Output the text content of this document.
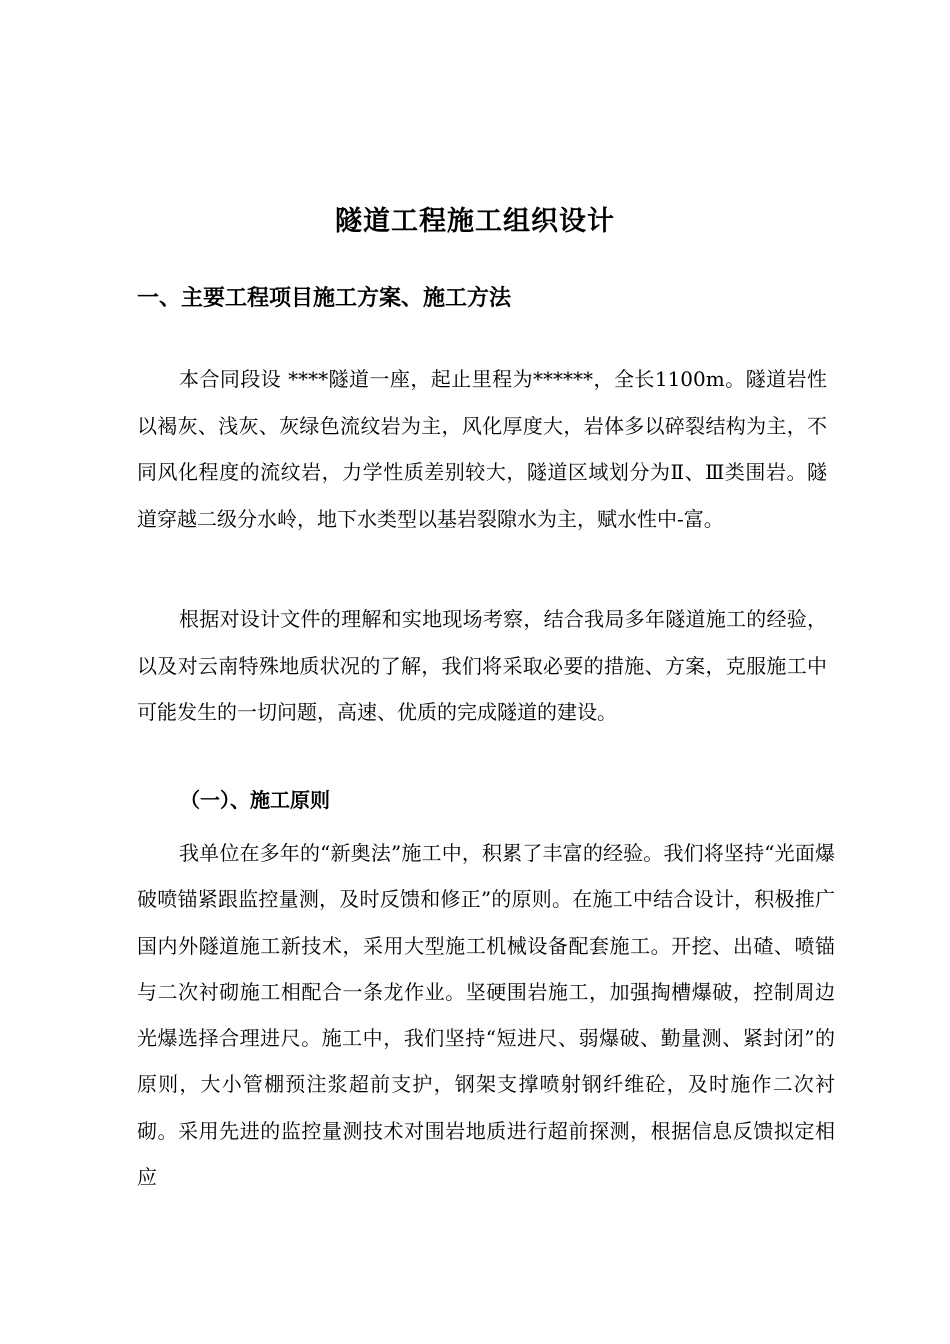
隧道工程施工组织设计
一、主要工程项目施工方案、施工方法

本合同段设 ****隧道一座，起止里程为******，全长1100m。隧道岩性以褐灰、浅灰、灰绿色流纹岩为主，风化厚度大，岩体多以碎裂结构为主，不同风化程度的流纹岩，力学性质差别较大，隧道区域划分为Ⅱ、Ⅲ类围岩。隧道穿越二级分水岭，地下水类型以基岩裂隙水为主，赋水性中-富。

根据对设计文件的理解和实地现场考察，结合我局多年隧道施工的经验，以及对云南特殊地质状况的了解，我们将采取必要的措施、方案，克服施工中可能发生的一切问题，高速、优质的完成隧道的建设。

（一）、施工原则

我单位在多年的“新奥法”施工中，积累了丰富的经验。我们将坚持“光面爆破喷锚紧跟监控量测，及时反馈和修正”的原则。在施工中结合设计，积极推广国内外隧道施工新技术，采用大型施工机械设备配套施工。开挖、出碴、喷锚与二次衬砌施工相配合一条龙作业。坚硬围岩施工，加强掏槽爆破，控制周边光爆选择合理进尺。施工中，我们坚持“短进尺、弱爆破、勤量测、紧封闭”的原则，大小管棚预注浆超前支护，钢架支撑喷射钢纤维砼，及时施作二次衬砌。采用先进的监控量测技术对围岩地质进行超前探测，根据信息反馈拟定相应
